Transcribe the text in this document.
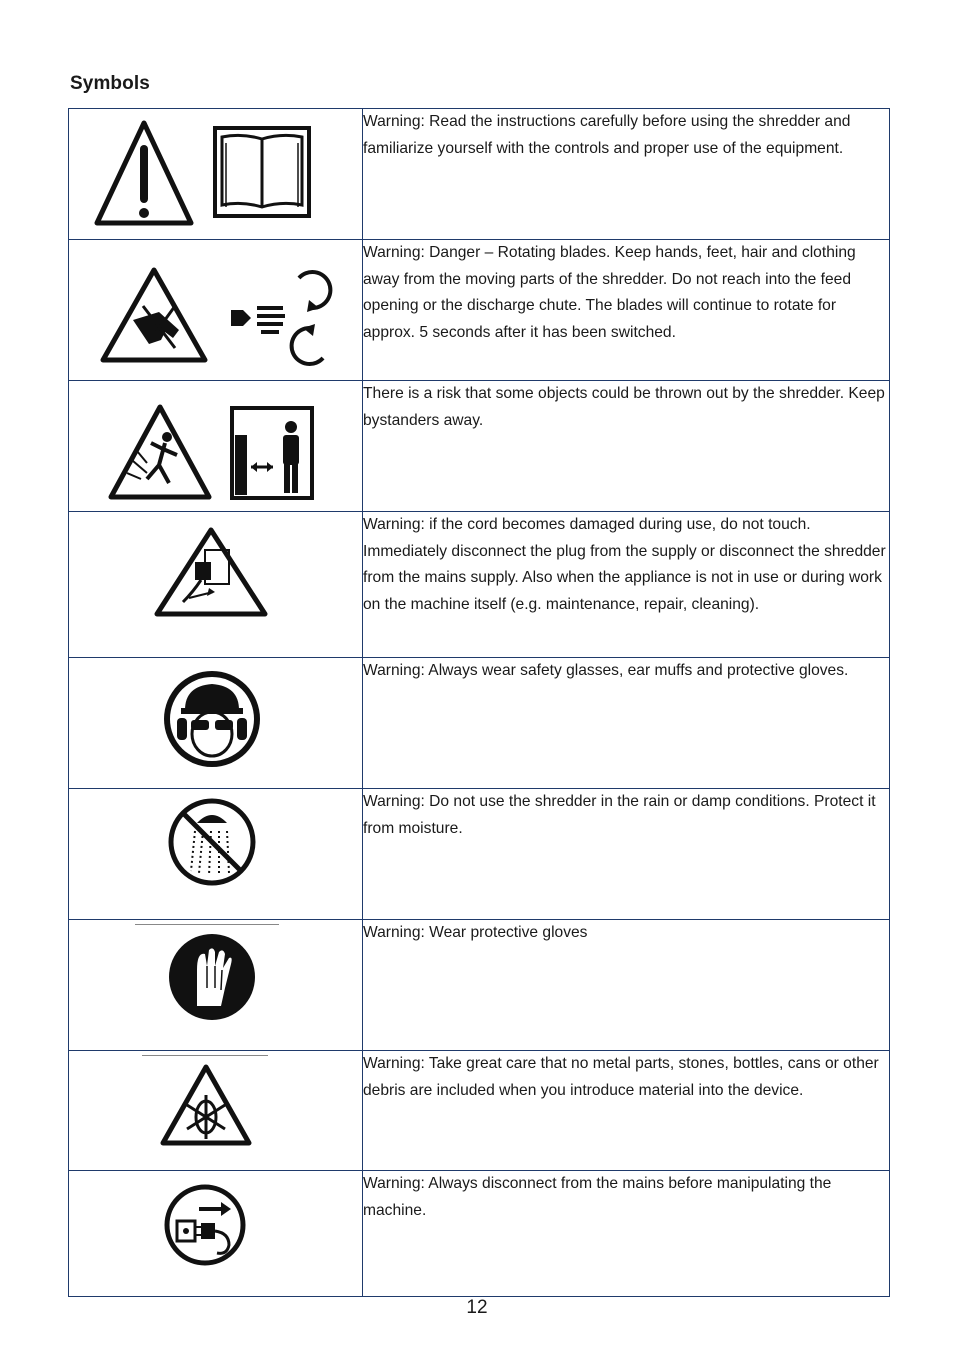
Symbols
	Warning: Read the instructions carefully before using the shredder and familiarize yourself with the controls and proper use of the equipment.

	Warning: Danger – Rotating blades. Keep hands, feet, hair and clothing away from the moving parts of the shredder. Do not reach into the feed opening or the discharge chute. The blades will continue to rotate for approx. 5 seconds after it has been switched.

	There is a risk that some objects could be thrown out by the shredder. Keep bystanders away.

	Warning: if the cord becomes damaged during use, do not touch. Immediately disconnect the plug from the supply or disconnect the shredder from the mains supply. Also when the appliance is not in use or during work on the machine itself (e.g. maintenance, repair, cleaning).

	Warning: Always wear safety glasses, ear muffs and protective gloves.

	Warning: Do not use the shredder in the rain or damp conditions. Protect it from moisture.

	Warning: Wear protective gloves

	Warning: Take great care that no metal parts, stones, bottles, cans or other debris are included when you introduce material into the device.

	Warning: Always disconnect from the mains before manipulating the machine.
12
